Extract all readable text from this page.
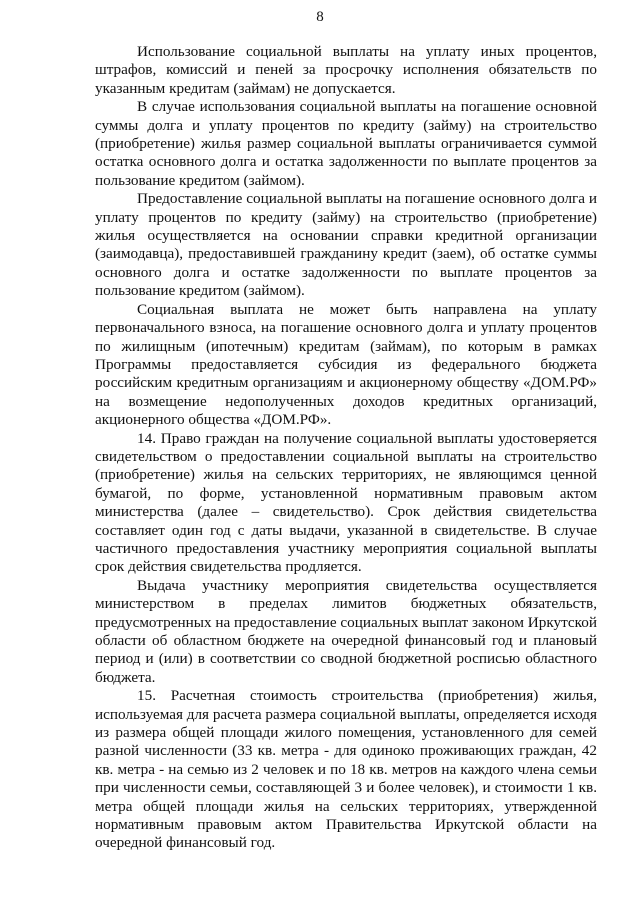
8

Использование социальной выплаты на уплату иных процентов, штрафов, комиссий и пеней за просрочку исполнения обязательств по указанным кредитам (займам) не допускается.

В случае использования социальной выплаты на погашение основной суммы долга и уплату процентов по кредиту (займу) на строительство (приобретение) жилья размер социальной выплаты ограничивается суммой остатка основного долга и остатка задолженности по выплате процентов за пользование кредитом (займом).

Предоставление социальной выплаты на погашение основного долга и уплату процентов по кредиту (займу) на строительство (приобретение) жилья осуществляется на основании справки кредитной организации (заимодавца), предоставившей гражданину кредит (заем), об остатке суммы основного долга и остатке задолженности по выплате процентов за пользование кредитом (займом).

Социальная выплата не может быть направлена на уплату первоначального взноса, на погашение основного долга и уплату процентов по жилищным (ипотечным) кредитам (займам), по которым в рамках Программы предоставляется субсидия из федерального бюджета российским кредитным организациям и акционерному обществу «ДОМ.РФ» на возмещение недополученных доходов кредитных организаций, акционерного общества «ДОМ.РФ».

14. Право граждан на получение социальной выплаты удостоверяется свидетельством о предоставлении социальной выплаты на строительство (приобретение) жилья на сельских территориях, не являющимся ценной бумагой, по форме, установленной нормативным правовым актом министерства (далее – свидетельство). Срок действия свидетельства составляет один год с даты выдачи, указанной в свидетельстве. В случае частичного предоставления участнику мероприятия социальной выплаты срок действия свидетельства продляется.

Выдача участнику мероприятия свидетельства осуществляется министерством в пределах лимитов бюджетных обязательств, предусмотренных на предоставление социальных выплат законом Иркутской области об областном бюджете на очередной финансовый год и плановый период и (или) в соответствии со сводной бюджетной росписью областного бюджета.

15. Расчетная стоимость строительства (приобретения) жилья, используемая для расчета размера социальной выплаты, определяется исходя из размера общей площади жилого помещения, установленного для семей разной численности (33 кв. метра - для одиноко проживающих граждан, 42 кв. метра - на семью из 2 человек и по 18 кв. метров на каждого члена семьи при численности семьи, составляющей 3 и более человек), и стоимости 1 кв. метра общей площади жилья на сельских территориях, утвержденной нормативным правовым актом Правительства Иркутской области на очередной финансовый год.
